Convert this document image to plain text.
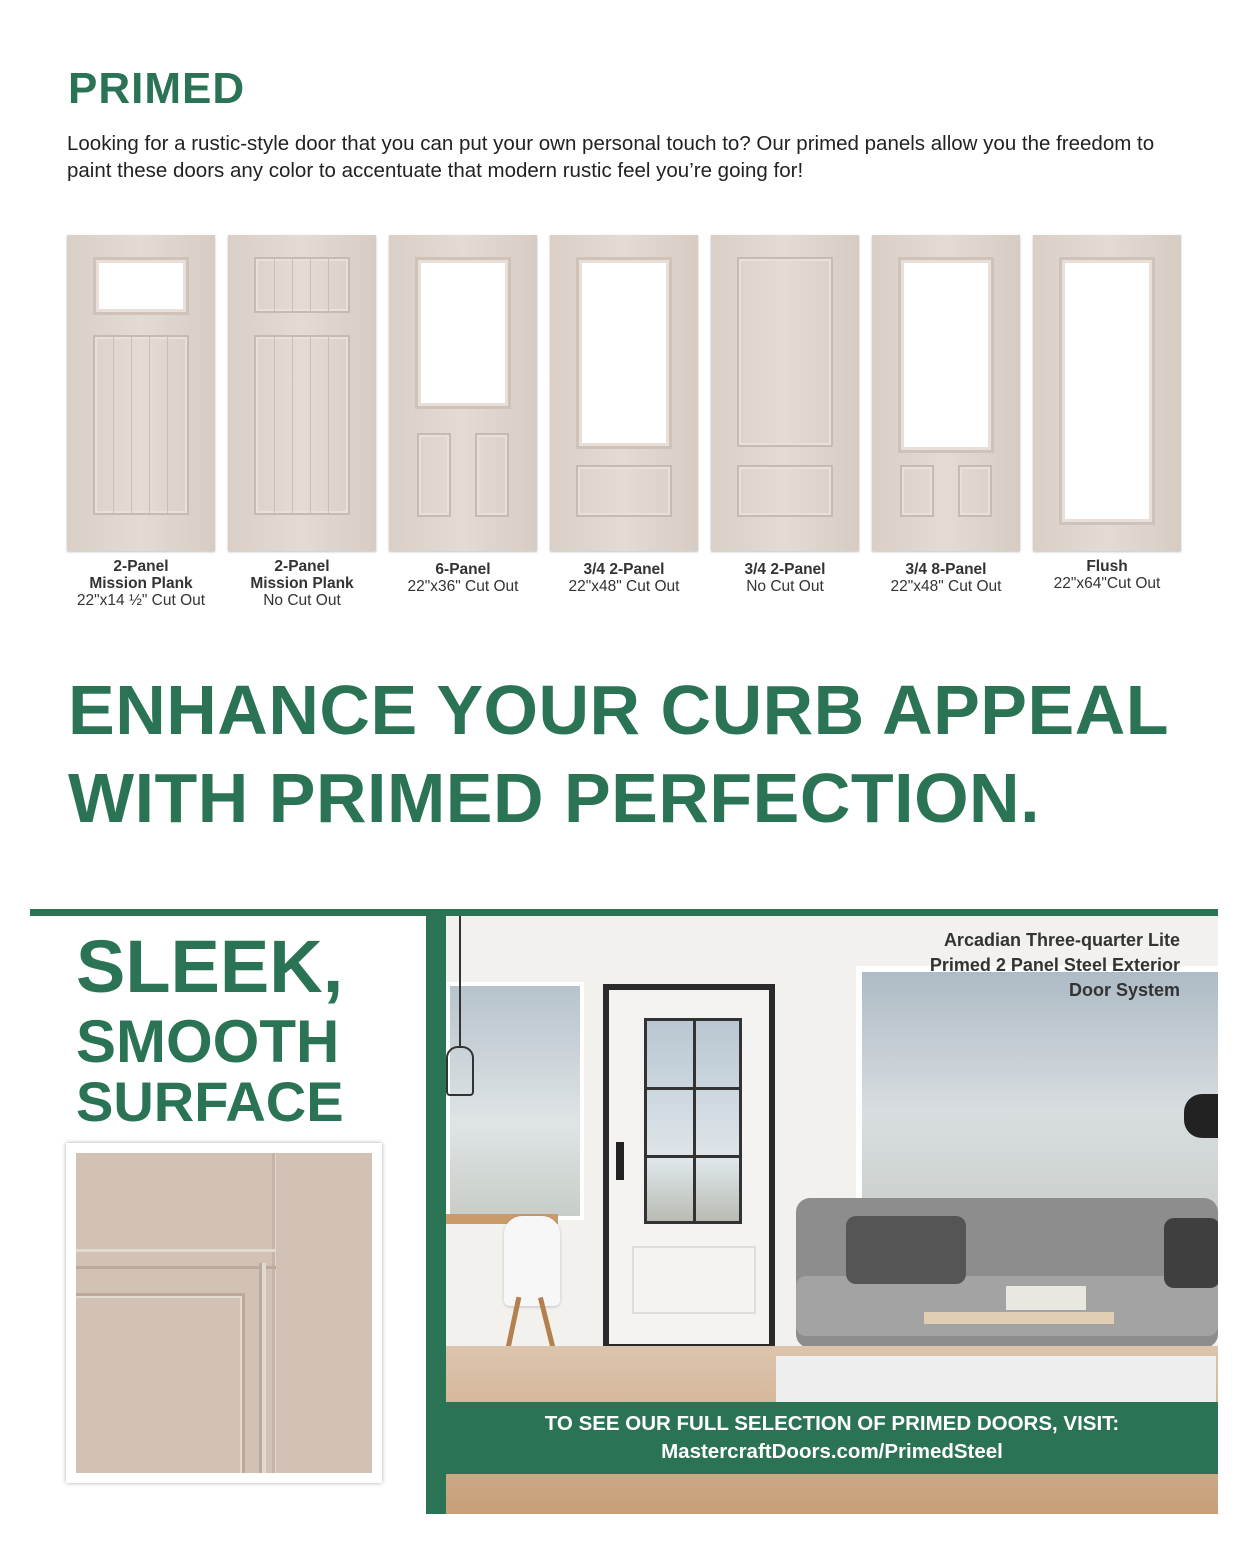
PRIMED
Looking for a rustic-style door that you can put your own personal touch to? Our primed panels allow you the freedom to paint these doors any color to accentuate that modern rustic feel you’re going for!
2-Panel
Mission Plank
22"x14 ½" Cut Out
2-Panel
Mission Plank
No Cut Out
6-Panel
22"x36" Cut Out
3/4 2-Panel
22"x48" Cut Out
3/4 2-Panel
No Cut Out
3/4 8-Panel
22"x48" Cut Out
Flush
22"x64"Cut Out
ENHANCE YOUR CURB APPEAL
WITH PRIMED PERFECTION.
SLEEK,
SMOOTH
SURFACE
Arcadian Three-quarter Lite
Primed 2 Panel Steel Exterior
Door System
TO SEE OUR FULL SELECTION OF PRIMED DOORS, VISIT:
MastercraftDoors.com/PrimedSteel
